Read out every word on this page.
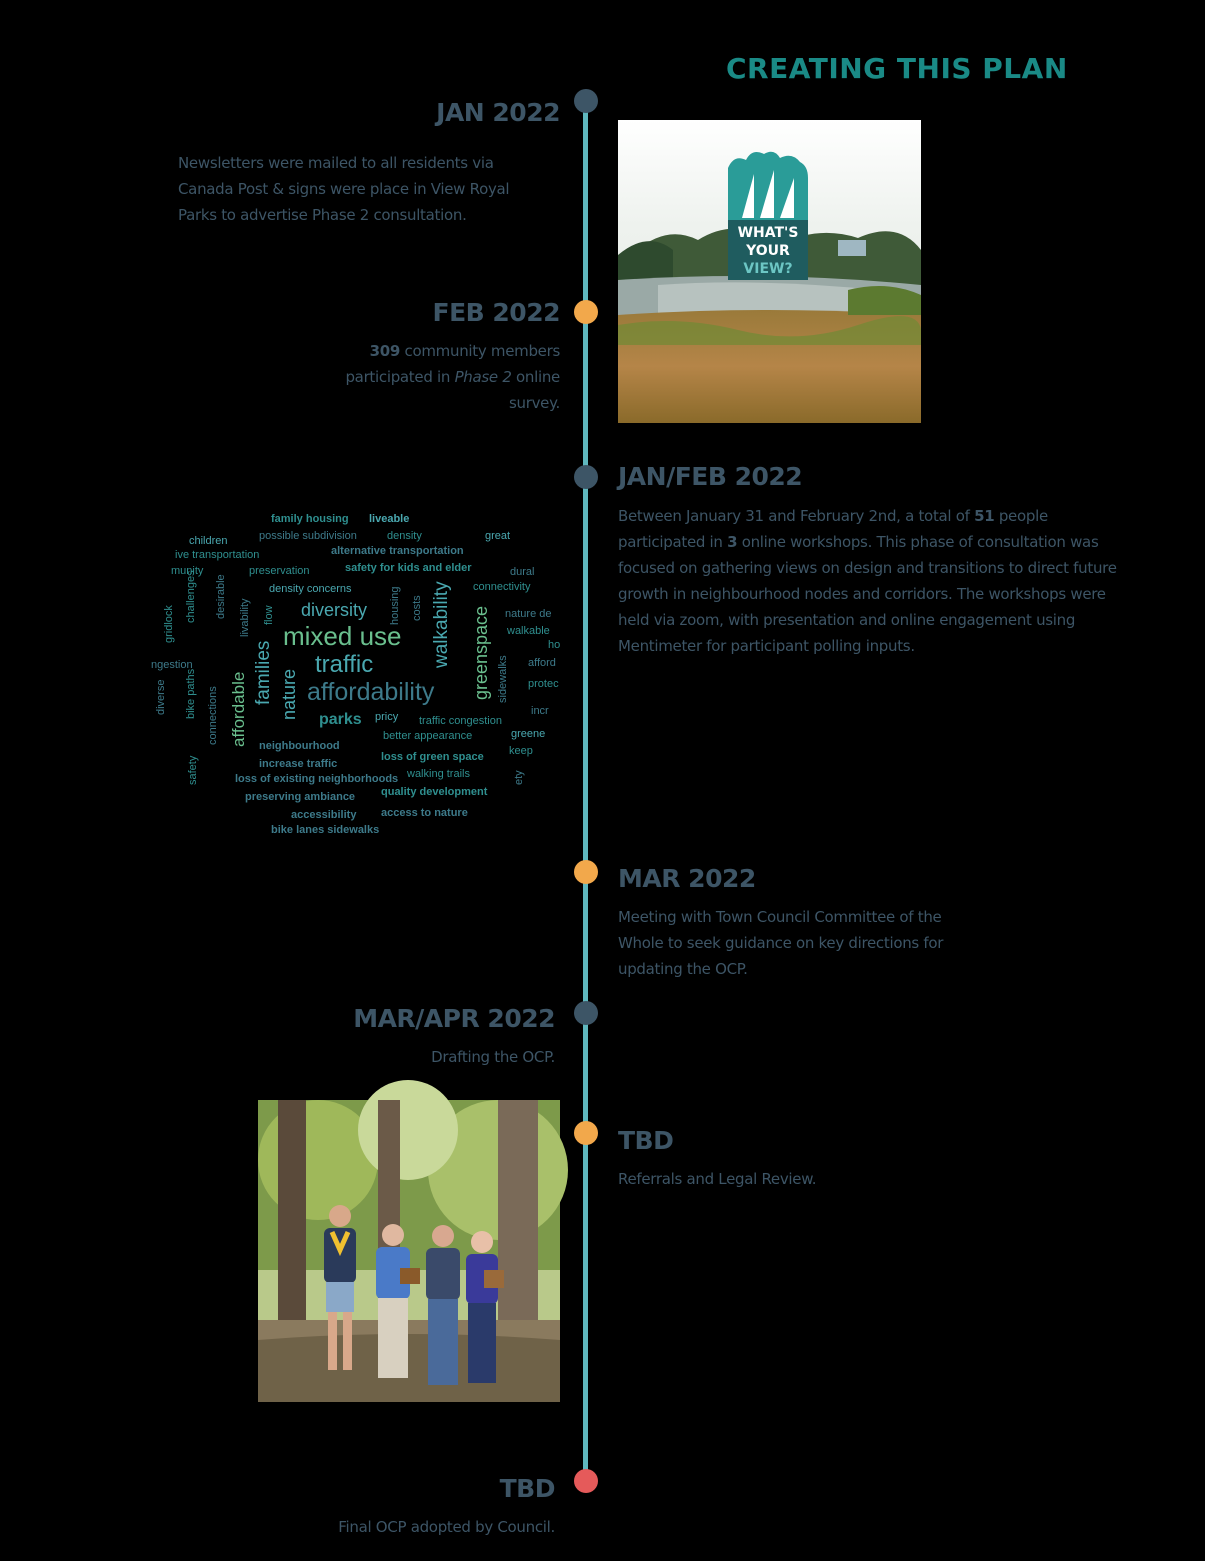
CREATING THIS PLAN
JAN 2022
Newsletters were mailed to all residents via Canada Post & signs were place in View Royal Parks to advertise Phase 2 consultation.
WHAT'S
YOUR
VIEW?
FEB 2022
309 community members participated in Phase 2 online survey.
JAN/FEB 2022
Between January 31 and February 2nd, a total of 51 people participated in 3 online workshops. This phase of consultation was focused on gathering views on design and transitions to direct future growth in neighbourhood nodes and corridors. The workshops were held via zoom, with presentation and online engagement using Mentimeter for participant polling inputs.
family housing liveable
children	possible subdivision	density	great
alternative transportation
ive transportation
preservation	safety for kids and elder
munity
density concerns	connectivity
dural
diversity	nature de
walkable
mixed use
traffic
affordability
parks
ho
afford
protec
ngestion
pricy traffic congestion
incr
better appearance	greene
keep
neighbourhood
loss of green space
increase traffic
walking trails
loss of existing neighborhoods
preserving ambiance quality development
accessibility access to nature
bike lanes sidewalks
walkability greenspace
families nature
affordable
housing costs
flow
livability
desirable
challenges
gridlock
bike paths connections
safety
sidewalks
diverse
ety
MAR 2022
Meeting with Town Council Committee of the Whole to seek guidance on key directions for updating the OCP.
MAR/APR 2022
Drafting the OCP.
TBD
Referrals and Legal Review.
TBD
Final OCP adopted by Council.
